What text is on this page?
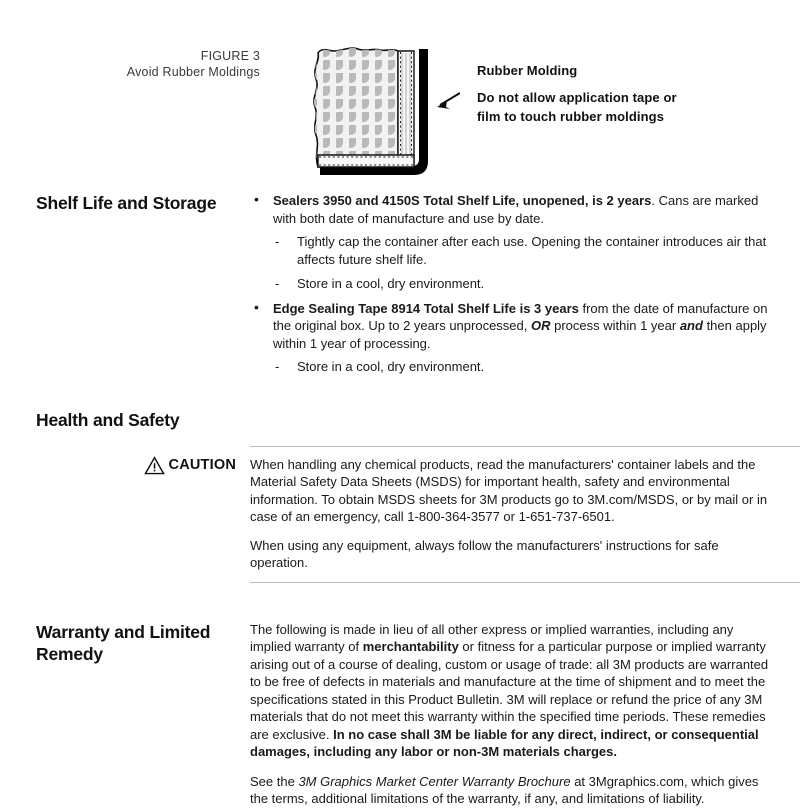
FIGURE 3
Avoid Rubber Moldings	Rubber Molding
Do not allow application tape or
film to touch rubber moldings
Shelf Life and Storage	• Sealers 3950 and 4150S Total Shelf Life, unopened, is 2 years. Cans are marked with both date of manufacture and use by date.
- Tightly cap the container after each use. Opening the container introduces air that affects future shelf life.
- Store in a cool, dry environment.
• Edge Sealing Tape 8914 Total Shelf Life is 3 years from the date of manufacture on the original box. Up to 2 years unprocessed, OR process within 1 year and then apply within 1 year of processing.
- Store in a cool, dry environment.
Health and Safety
CAUTION When handling any chemical products, read the manufacturers' container labels and the Material Safety Data Sheets (MSDS) for important health, safety and environmental information. To obtain MSDS sheets for 3M products go to 3M.com/MSDS, or by mail or in case of an emergency, call 1-800-364-3577 or 1-651-737-6501.

When using any equipment, always follow the manufacturers' instructions for safe operation.

Warranty and Limited
Remedy

The following is made in lieu of all other express or implied warranties, including any implied warranty of merchantability or fitness for a particular purpose or implied warranty arising out of a course of dealing, custom or usage of trade: all 3M products are warranted to be free of defects in materials and manufacture at the time of shipment and to meet the specifications stated in this Product Bulletin. 3M will replace or refund the price of any 3M materials that do not meet this warranty within the specified time periods. These remedies are exclusive. In no case shall 3M be liable for any direct, indirect, or consequential damages, including any labor or non-3M materials charges.

See the 3M Graphics Market Center Warranty Brochure at 3Mgraphics.com, which gives the terms, additional limitations of the warranty, if any, and limitations of liability.
